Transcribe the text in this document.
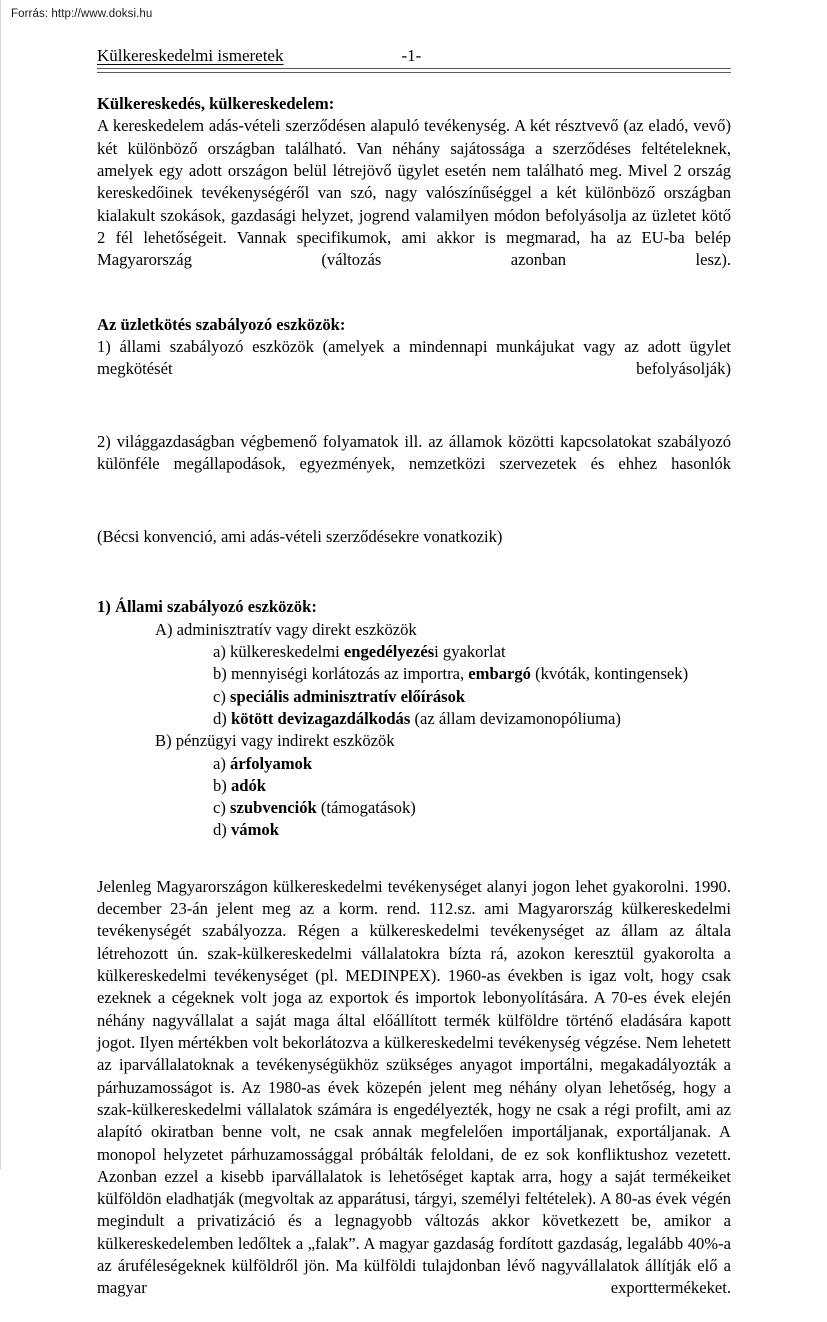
Forrás: http://www.doksi.hu
Külkereskedelmi ismeretek	-1-

Külkereskedés, külkereskedelem:

A kereskedelem adás-vételi szerződésen alapuló tevékenység. A két résztvevő (az eladó, vevő) két különböző országban található. Van néhány sajátossága a szerződéses feltételeknek, amelyek egy adott országon belül létrejövő ügylet esetén nem található meg. Mivel 2 ország kereskedőinek tevékenységéről van szó, nagy valószínűséggel a két különböző országban kialakult szokások, gazdasági helyzet, jogrend valamilyen módon befolyásolja az üzletet kötő 2 fél lehetőségeit. Vannak specifikumok, ami akkor is megmarad, ha az EU-ba belép Magyarország (változás azonban lesz).

Az üzletkötés szabályozó eszközök:

1) állami szabályozó eszközök (amelyek a mindennapi munkájukat vagy az adott ügylet megkötését befolyásolják)

2) világgazdaságban végbemenő folyamatok ill. az államok közötti kapcsolatokat szabályozó különféle megállapodások, egyezmények, nemzetközi szervezetek és ehhez hasonlók

(Bécsi konvenció, ami adás-vételi szerződésekre vonatkozik)

1) Állami szabályozó eszközök:

A) adminisztratív vagy direkt eszközök
a) külkereskedelmi engedélyezési gyakorlat
b) mennyiségi korlátozás az importra, embargó (kvóták, kontingensek)
c) speciális adminisztratív előírások
d) kötött devizagazdálkodás (az állam devizamonopóliuma)
B) pénzügyi vagy indirekt eszközök
a) árfolyamok
b) adók
c) szubvenciók (támogatások)
d) vámok

Jelenleg Magyarországon külkereskedelmi tevékenységet alanyi jogon lehet gyakorolni. 1990. december 23-án jelent meg az a korm. rend. 112.sz. ami Magyarország külkereskedelmi tevékenységét szabályozza. Régen a külkereskedelmi tevékenységet az állam az általa létrehozott ún. szak-külkereskedelmi vállalatokra bízta rá, azokon keresztül gyakorolta a külkereskedelmi tevékenységet (pl. MEDINPEX). 1960-as években is igaz volt, hogy csak ezeknek a cégeknek volt joga az exportok és importok lebonyolítására. A 70-es évek elején néhány nagyvállalat a saját maga által előállított termék külföldre történő eladására kapott jogot. Ilyen mértékben volt bekorlátozva a külkereskedelmi tevékenység végzése. Nem lehetett az iparvállalatoknak a tevékenységükhöz szükséges anyagot importálni, megakadályozták a párhuzamosságot is. Az 1980-as évek közepén jelent meg néhány olyan lehetőség, hogy a szak-külkereskedelmi vállalatok számára is engedélyezték, hogy ne csak a régi profilt, ami az alapító okiratban benne volt, ne csak annak megfelelően importáljanak, exportáljanak. A monopol helyzetet párhuzamossággal próbálták feloldani, de ez sok konfliktushoz vezetett. Azonban ezzel a kisebb iparvállalatok is lehetőséget kaptak arra, hogy a saját termékeiket külföldön eladhatják (megvoltak az apparátusi, tárgyi, személyi feltételek). A 80-as évek végén megindult a privatizáció és a legnagyobb változás akkor következett be, amikor a külkereskedelemben ledőltek a „falak”. A magyar gazdaság fordított gazdaság, legalább 40%-a az áruféleségeknek külföldről jön. Ma külföldi tulajdonban lévő nagyvállalatok állítják elő a magyar exporttermékeket.
